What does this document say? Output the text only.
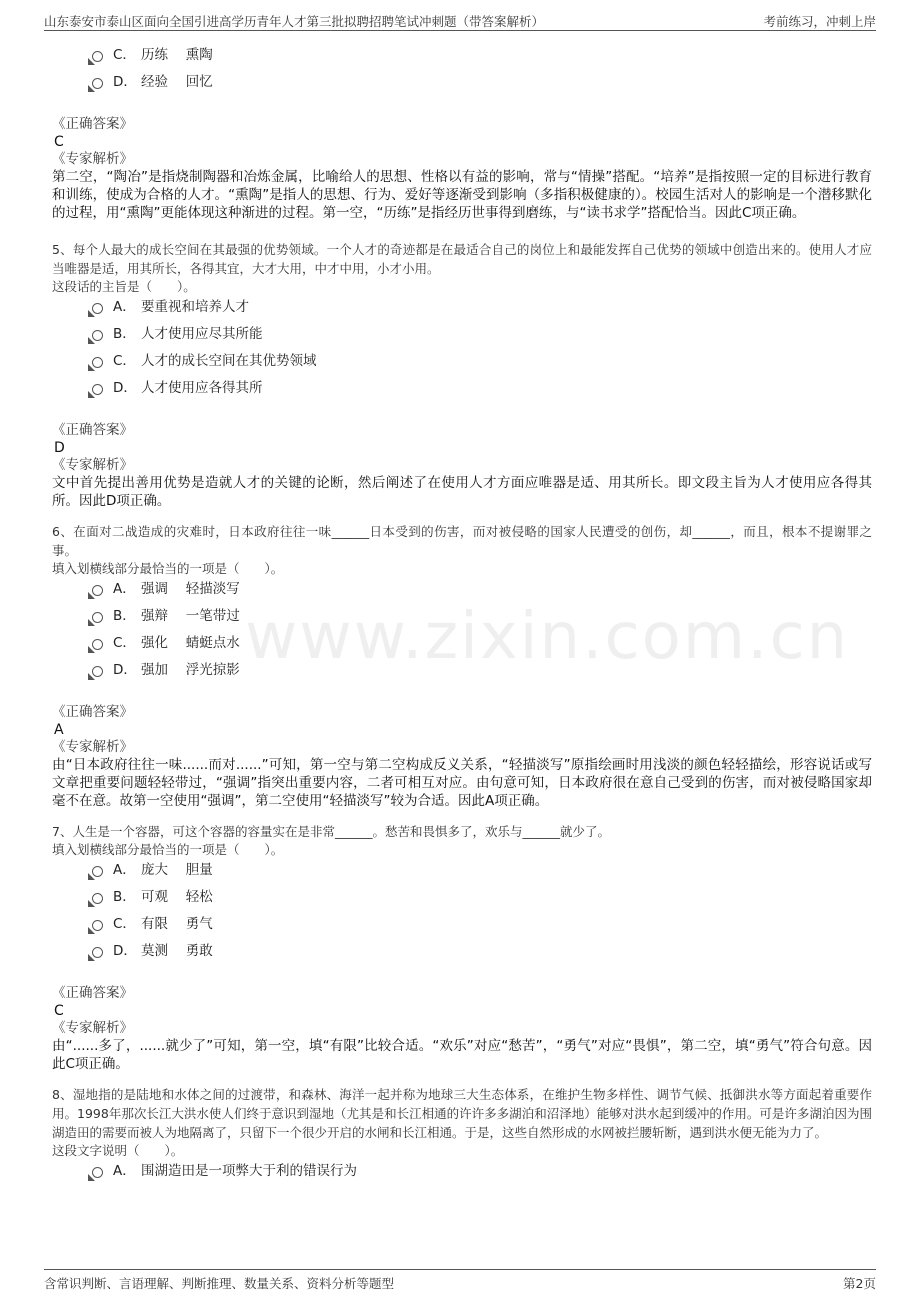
山东泰安市泰山区面向全国引进高学历青年人才第三批拟聘招聘笔试冲刺题（带答案解析）	考前练习，冲刺上岸
www.zixin.com.cn
C． 历练　 熏陶
D． 经验　 回忆
《正确答案》
C
《专家解析》
第二空，“陶冶”是指烧制陶器和冶炼金属，比喻给人的思想、性格以有益的影响，常与“情操”搭配。“培养”是指按照一定的目标进行教育和训练，使成为合格的人才。“熏陶”是指人的思想、行为、爱好等逐渐受到影响（多指积极健康的）。校园生活对人的影响是一个潜移默化的过程，用“熏陶”更能体现这种渐进的过程。第一空，“历练”是指经历世事得到磨练，与“读书求学”搭配恰当。因此C项正确。
5、每个人最大的成长空间在其最强的优势领域。一个人才的奇迹都是在最适合自己的岗位上和最能发挥自己优势的领域中创造出来的。使用人才应当唯器是适，用其所长，各得其宜，大才大用，中才中用，小才小用。
这段话的主旨是（　　）。
A． 要重视和培养人才
B． 人才使用应尽其所能
C． 人才的成长空间在其优势领域
D． 人才使用应各得其所
《正确答案》
D
《专家解析》
文中首先提出善用优势是造就人才的关键的论断，然后阐述了在使用人才方面应唯器是适、用其所长。即文段主旨为人才使用应各得其所。因此D项正确。
6、在面对二战造成的灾难时，日本政府往往一味______日本受到的伤害，而对被侵略的国家人民遭受的创伤，却______，而且，根本不提谢罪之事。
填入划横线部分最恰当的一项是（　　）。
A． 强调　 轻描淡写
B． 强辩　 一笔带过
C． 强化　 蜻蜓点水
D． 强加　 浮光掠影
《正确答案》
A
《专家解析》
由“日本政府往往一味......而对......”可知，第一空与第二空构成反义关系，“轻描淡写”原指绘画时用浅淡的颜色轻轻描绘，形容说话或写文章把重要问题轻轻带过，“强调”指突出重要内容，二者可相互对应。由句意可知，日本政府很在意自己受到的伤害，而对被侵略国家却毫不在意。故第一空使用“强调”，第二空使用“轻描淡写”较为合适。因此A项正确。
7、人生是一个容器，可这个容器的容量实在是非常______。愁苦和畏惧多了，欢乐与______就少了。
填入划横线部分最恰当的一项是（　　）。
A． 庞大　 胆量
B． 可观　 轻松
C． 有限　 勇气
D． 莫测　 勇敢
《正确答案》
C
《专家解析》
由“......多了，......就少了”可知，第一空，填“有限”比较合适。“欢乐”对应“愁苦”，“勇气”对应“畏惧”，第二空，填“勇气”符合句意。因此C项正确。
8、湿地指的是陆地和水体之间的过渡带，和森林、海洋一起并称为地球三大生态体系，在维护生物多样性、调节气候、抵御洪水等方面起着重要作用。1998年那次长江大洪水使人们终于意识到湿地（尤其是和长江相通的许许多多湖泊和沼泽地）能够对洪水起到缓冲的作用。可是许多湖泊因为围湖造田的需要而被人为地隔离了，只留下一个很少开启的水闸和长江相通。于是，这些自然形成的水网被拦腰斩断，遇到洪水便无能为力了。
这段文字说明（　　）。
A． 围湖造田是一项弊大于利的错误行为
含常识判断、言语理解、判断推理、数量关系、资料分析等题型	第2页
